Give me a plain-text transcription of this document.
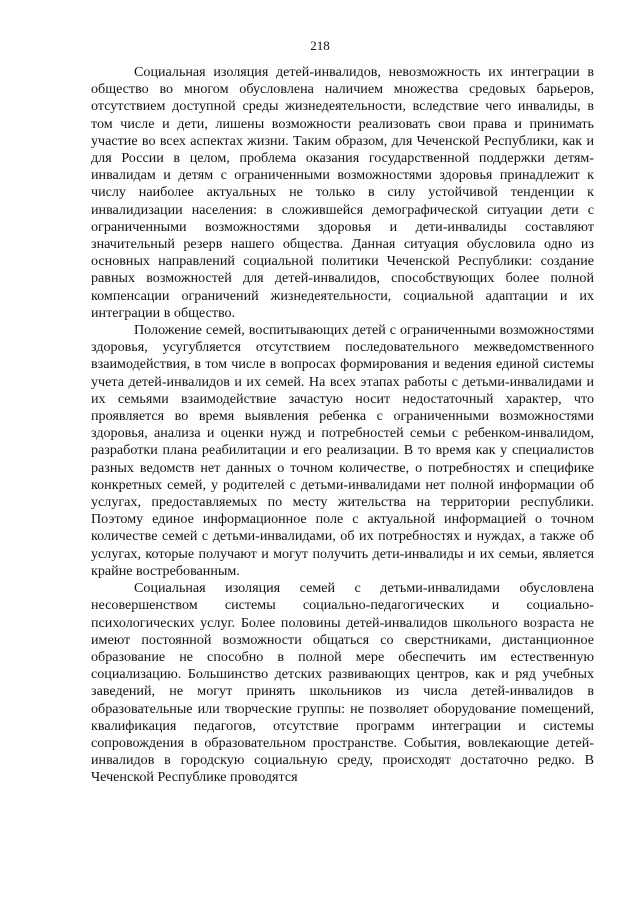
218

Социальная изоляция детей-инвалидов, невозможность их интеграции в общество во многом обусловлена наличием множества средовых барьеров, отсутствием доступной среды жизнедеятельности, вследствие чего инвалиды, в том числе и дети, лишены возможности реализовать свои права и принимать участие во всех аспектах жизни. Таким образом, для Чеченской Республики, как и для России в целом, проблема оказания государственной поддержки детям-инвалидам и детям с ограниченными возможностями здоровья принадлежит к числу наиболее актуальных не только в силу устойчивой тенденции к инвалидизации населения: в сложившейся демографической ситуации дети с ограниченными возможностями здоровья и дети-инвалиды составляют значительный резерв нашего общества. Данная ситуация обусловила одно из основных направлений социальной политики Чеченской Республики: создание равных возможностей для детей-инвалидов, способствующих более полной компенсации ограничений жизнедеятельности, социальной адаптации и их интеграции в общество.

Положение семей, воспитывающих детей с ограниченными возможностями здоровья, усугубляется отсутствием последовательного межведомственного взаимодействия, в том числе в вопросах формирования и ведения единой системы учета детей-инвалидов и их семей. На всех этапах работы с детьми-инвалидами и их семьями взаимодействие зачастую носит недостаточный характер, что проявляется во время выявления ребенка с ограниченными возможностями здоровья, анализа и оценки нужд и потребностей семьи с ребенком-инвалидом, разработки плана реабилитации и его реализации. В то время как у специалистов разных ведомств нет данных о точном количестве, о потребностях и специфике конкретных семей, у родителей с детьми-инвалидами нет полной информации об услугах, предоставляемых по месту жительства на территории республики. Поэтому единое информационное поле с актуальной информацией о точном количестве семей с детьми-инвалидами, об их потребностях и нуждах, а также об услугах, которые получают и могут получить дети-инвалиды и их семьи, является крайне востребованным.

Социальная изоляция семей с детьми-инвалидами обусловлена несовершенством системы социально-педагогических и социально-психологических услуг. Более половины детей-инвалидов школьного возраста не имеют постоянной возможности общаться со сверстниками, дистанционное образование не способно в полной мере обеспечить им естественную социализацию. Большинство детских развивающих центров, как и ряд учебных заведений, не могут принять школьников из числа детей-инвалидов в образовательные или творческие группы: не позволяет оборудование помещений, квалификация педагогов, отсутствие программ интеграции и системы сопровождения в образовательном пространстве. События, вовлекающие детей-инвалидов в городскую социальную среду, происходят достаточно редко. В Чеченской Республике проводятся
